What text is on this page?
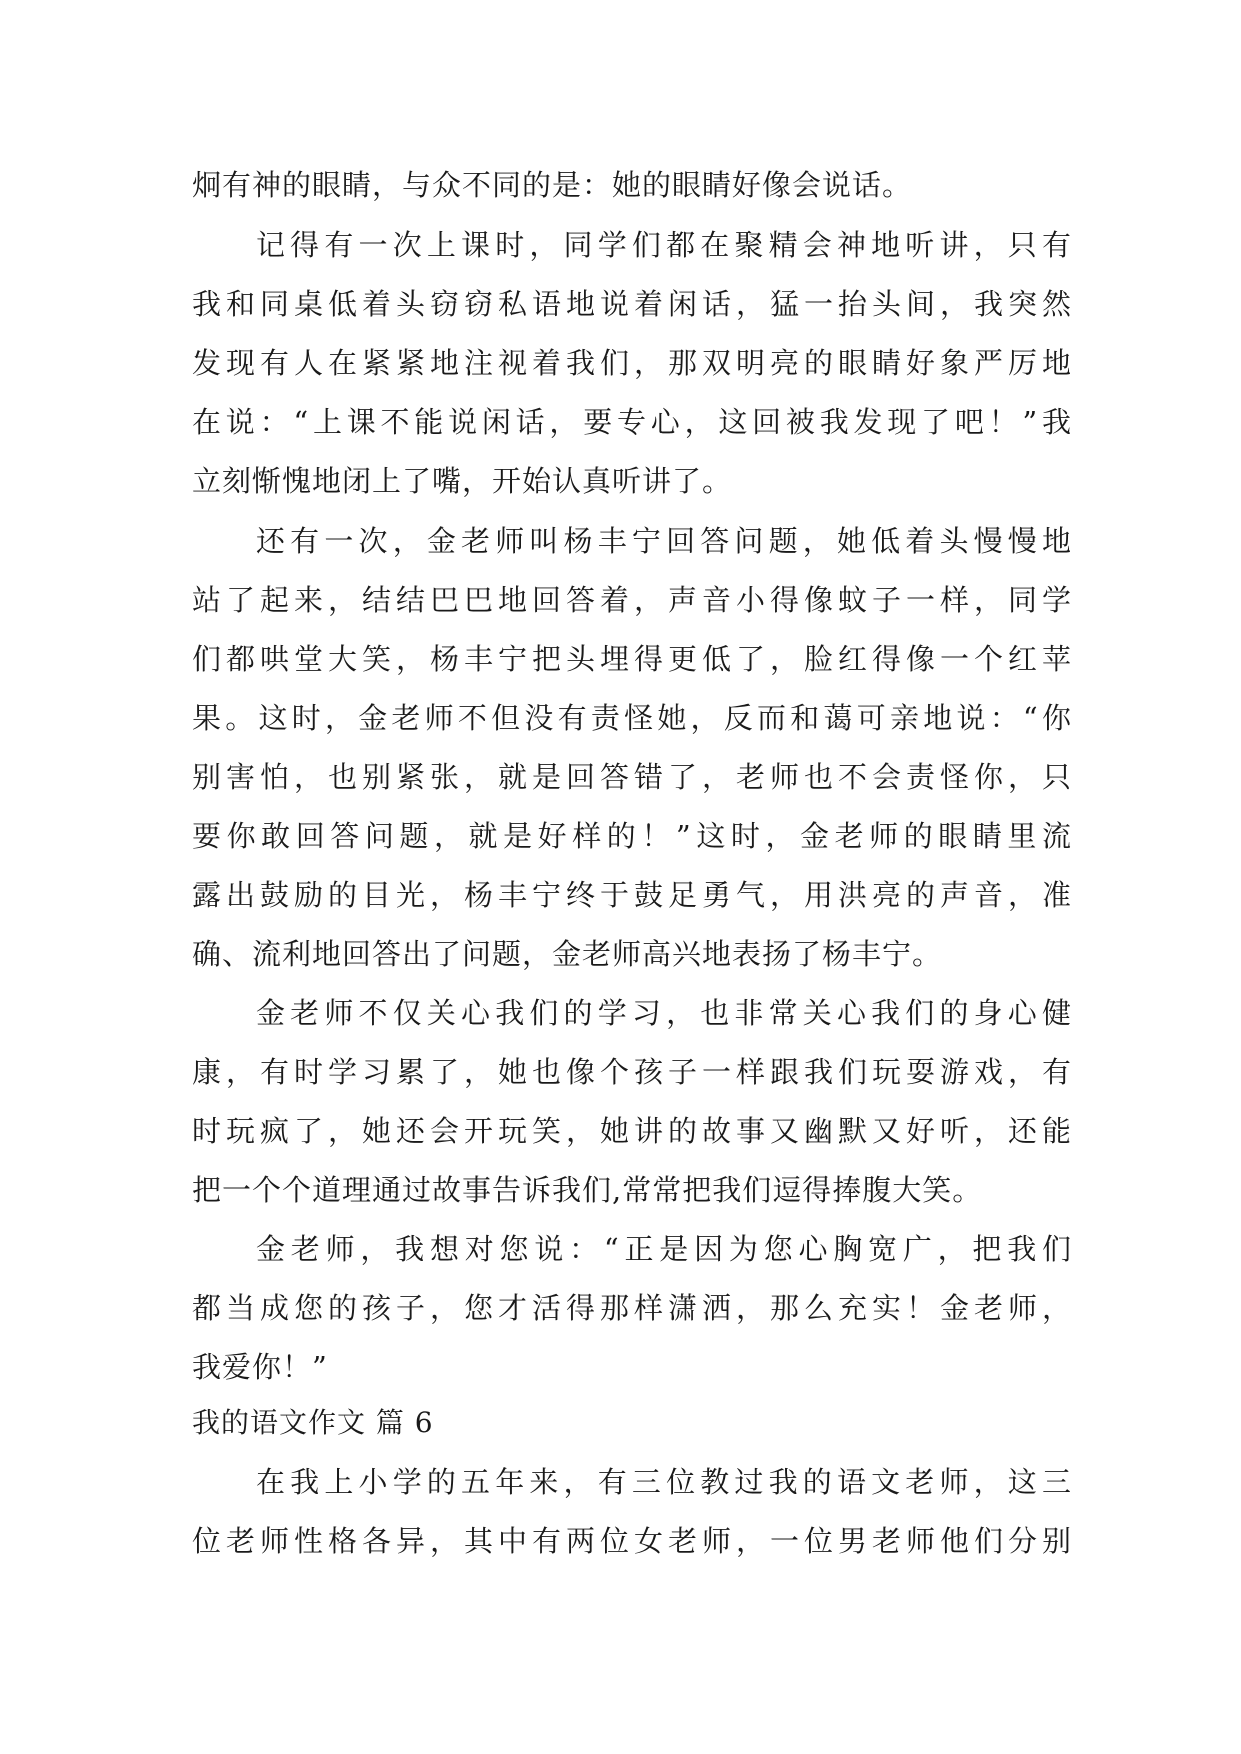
炯有神的眼睛，与众不同的是：她的眼睛好像会说话。
记得有一次上课时，同学们都在聚精会神地听讲，只有
我和同桌低着头窃窃私语地说着闲话，猛一抬头间，我突然
发现有人在紧紧地注视着我们，那双明亮的眼睛好象严厉地
在说：“上课不能说闲话，要专心，这回被我发现了吧！”我
立刻惭愧地闭上了嘴，开始认真听讲了。
还有一次，金老师叫杨丰宁回答问题，她低着头慢慢地
站了起来，结结巴巴地回答着，声音小得像蚊子一样，同学
们都哄堂大笑，杨丰宁把头埋得更低了，脸红得像一个红苹
果。这时，金老师不但没有责怪她，反而和蔼可亲地说：“你
别害怕，也别紧张，就是回答错了，老师也不会责怪你，只
要你敢回答问题，就是好样的！”这时，金老师的眼睛里流
露出鼓励的目光，杨丰宁终于鼓足勇气，用洪亮的声音，准
确、流利地回答出了问题，金老师高兴地表扬了杨丰宁。
金老师不仅关心我们的学习，也非常关心我们的身心健
康，有时学习累了，她也像个孩子一样跟我们玩耍游戏，有
时玩疯了，她还会开玩笑，她讲的故事又幽默又好听，还能
把一个个道理通过故事告诉我们,常常把我们逗得捧腹大笑。
金老师，我想对您说：“正是因为您心胸宽广，把我们
都当成您的孩子，您才活得那样潇洒，那么充实！金老师，
我爱你！”
我的语文作文 篇 6
在我上小学的五年来，有三位教过我的语文老师，这三
位老师性格各异，其中有两位女老师，一位男老师他们分别
